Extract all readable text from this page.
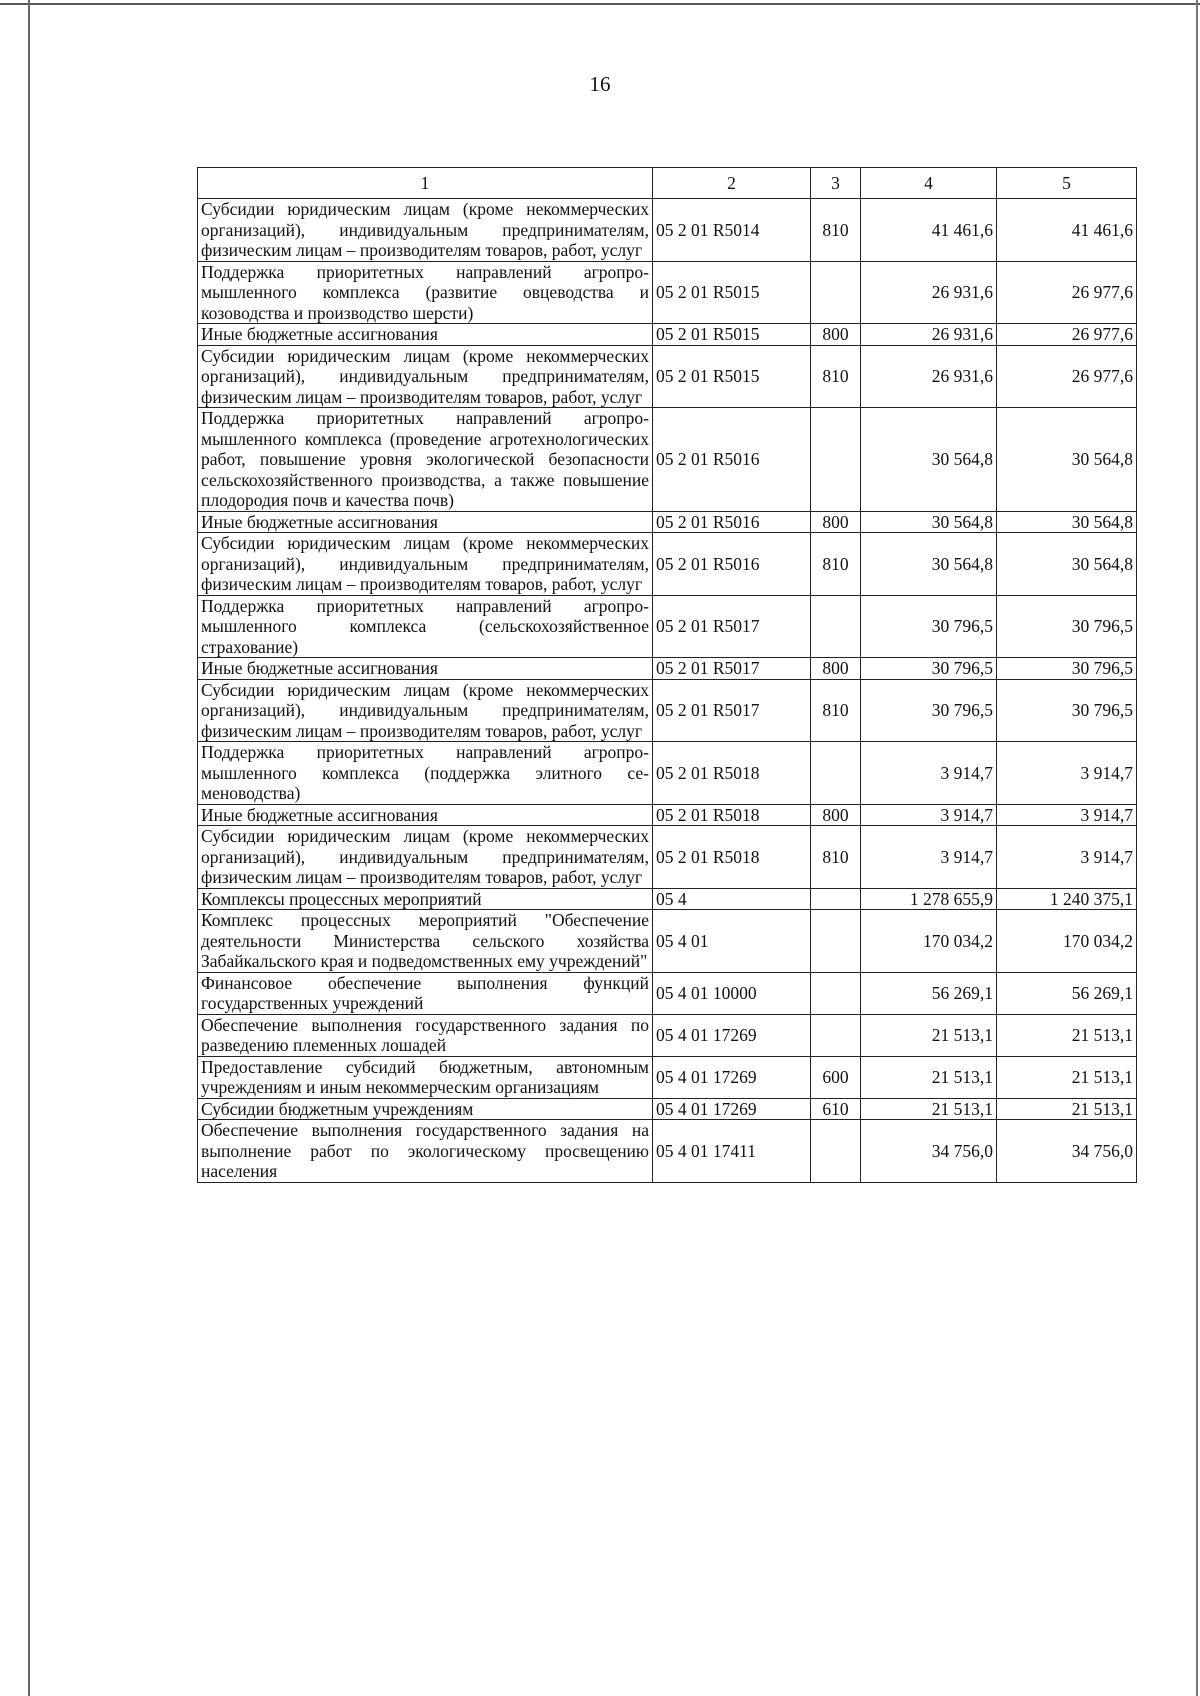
16
1	2	3	4	5
Субсидии юридическим лицам (кроме некоммерческих организаций), индивидуальным предпринимателям, физическим лицам – производителям товаров, работ, услуг	05 2 01 R5014	810	41 461,6	41 461,6
Поддержка приоритетных направлений агропромышленного комплекса (развитие овцеводства и козоводства и производство шерсти)	05 2 01 R5015		26 931,6	26 977,6
Иные бюджетные ассигнования	05 2 01 R5015	800	26 931,6	26 977,6
Субсидии юридическим лицам (кроме некоммерческих организаций), индивидуальным предпринимателям, физическим лицам – производителям товаров, работ, услуг	05 2 01 R5015	810	26 931,6	26 977,6
Поддержка приоритетных направлений агропромышленного комплекса (проведение агротехнологических работ, повышение уровня экологической безопасности сельскохозяйственного производства, а также повышение плодородия почв и качества почв)	05 2 01 R5016		30 564,8	30 564,8
Иные бюджетные ассигнования	05 2 01 R5016	800	30 564,8	30 564,8
Субсидии юридическим лицам (кроме некоммерческих организаций), индивидуальным предпринимателям, физическим лицам – производителям товаров, работ, услуг	05 2 01 R5016	810	30 564,8	30 564,8
Поддержка приоритетных направлений агропромышленного комплекса (сельскохозяйственное страхование)	05 2 01 R5017		30 796,5	30 796,5
Иные бюджетные ассигнования	05 2 01 R5017	800	30 796,5	30 796,5
Субсидии юридическим лицам (кроме некоммерческих организаций), индивидуальным предпринимателям, физическим лицам – производителям товаров, работ, услуг	05 2 01 R5017	810	30 796,5	30 796,5
Поддержка приоритетных направлений агропромышленного комплекса (поддержка элитного семеноводства)	05 2 01 R5018		3 914,7	3 914,7
Иные бюджетные ассигнования	05 2 01 R5018	800	3 914,7	3 914,7
Субсидии юридическим лицам (кроме некоммерческих организаций), индивидуальным предпринимателям, физическим лицам – производителям товаров, работ, услуг	05 2 01 R5018	810	3 914,7	3 914,7
Комплексы процессных мероприятий	05 4		1 278 655,9	1 240 375,1
Комплекс процессных мероприятий "Обеспечение деятельности Министерства сельского хозяйства Забайкальского края и подведомственных ему учреждений"	05 4 01		170 034,2	170 034,2
Финансовое обеспечение выполнения функций государственных учреждений	05 4 01 10000		56 269,1	56 269,1
Обеспечение выполнения государственного задания по разведению племенных лошадей	05 4 01 17269		21 513,1	21 513,1
Предоставление субсидий бюджетным, автономным учреждениям и иным некоммерческим организациям	05 4 01 17269	600	21 513,1	21 513,1
Субсидии бюджетным учреждениям	05 4 01 17269	610	21 513,1	21 513,1
Обеспечение выполнения государственного задания на выполнение работ по экологическому просвещению населения	05 4 01 17411		34 756,0	34 756,0
